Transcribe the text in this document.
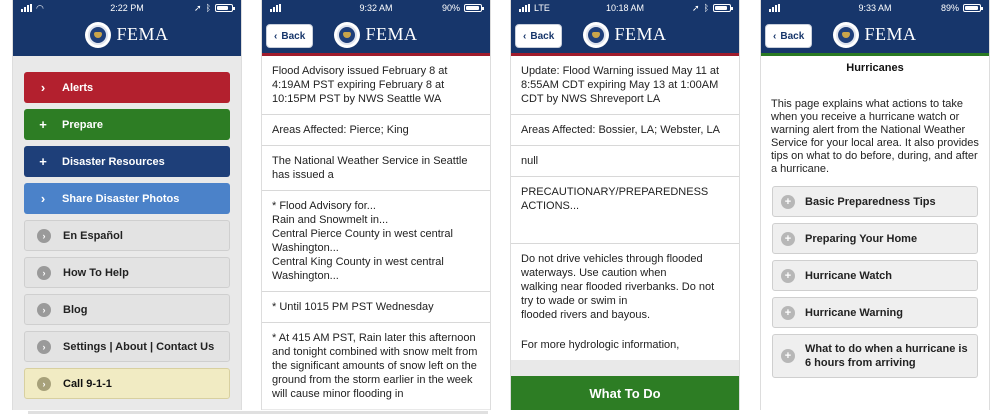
◠	2:22 PM	➚ ᛒ
FEMA
›	Alerts
+	Prepare
+	Disaster Resources
›	Share Disaster Photos
›	En Español
›	How To Help
›	Blog
›	Settings | About | Contact Us
›	Call 9-1-1
9:32 AM	90%
‹ Back	FEMA
Flood Advisory issued February 8 at 4:19AM PST expiring February 8 at 10:15PM PST by NWS Seattle WA
Areas Affected: Pierce; King
The National Weather Service in Seattle has issued a
* Flood Advisory for...
Rain and Snowmelt in...
Central Pierce County in west central Washington...
Central King County in west central Washington...
* Until 1015 PM PST Wednesday
* At 415 AM PST, Rain later this afternoon and tonight combined with snow melt from the significant amounts of snow left on the ground from the storm earlier in the week will cause minor flooding in
LTE	10:18 AM	➚ ᛒ
‹ Back	FEMA
Update: Flood Warning issued May 11 at 8:55AM CDT expiring May 13 at 1:00AM CDT by NWS Shreveport LA
Areas Affected: Bossier, LA; Webster, LA
null
PRECAUTIONARY/PREPAREDNESS ACTIONS...
Do not drive vehicles through flooded waterways. Use caution when
walking near flooded riverbanks. Do not try to wade or swim in
flooded rivers and bayous.
For more hydrologic information,
What To Do
9:33 AM	89%
‹ Back	FEMA
Hurricanes
This page explains what actions to take when you receive a hurricane watch or warning alert from the National Weather Service for your local area. It also provides tips on what to do before, during, and after a hurricane.
+	Basic Preparedness Tips
+	Preparing Your Home
+	Hurricane Watch
+	Hurricane Warning
+
What to do when a hurricane is 6 hours from arriving
